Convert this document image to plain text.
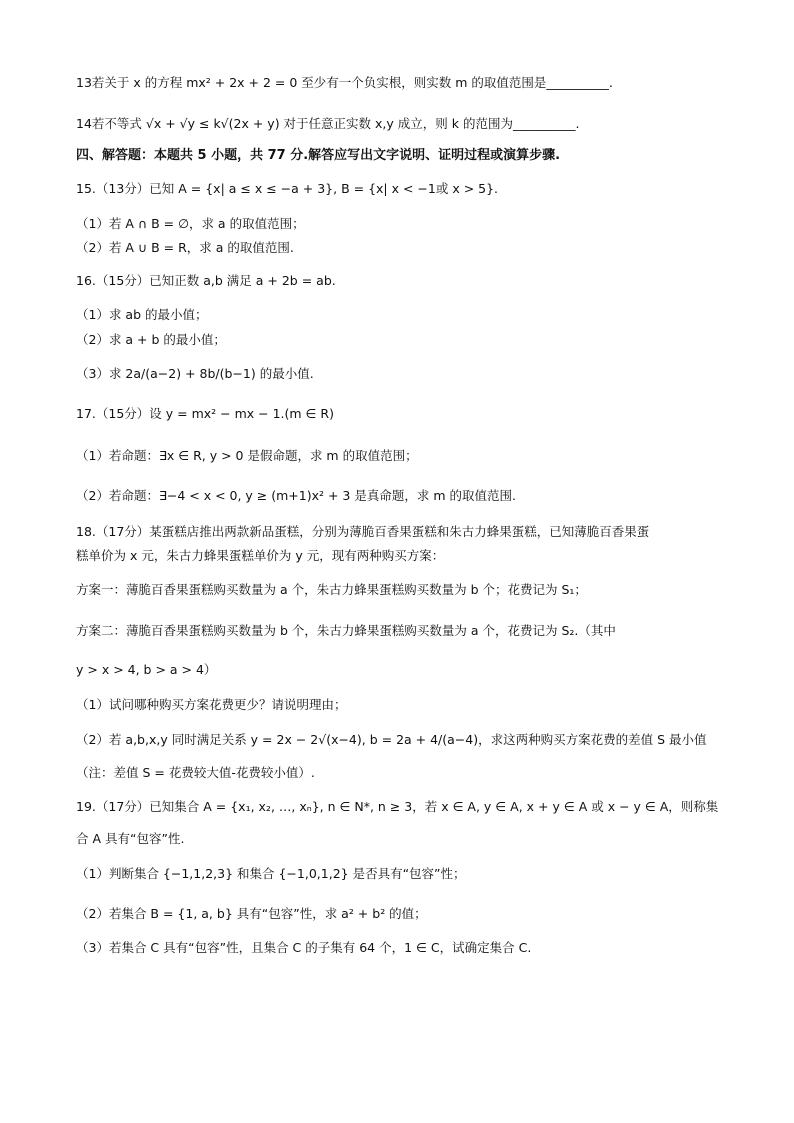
13若关于 x 的方程 mx² + 2x + 2 = 0 至少有一个负实根，则实数 m 的取值范围是__________.
14若不等式 √x + √y ≤ k√(2x + y) 对于任意正实数 x,y 成立，则 k 的范围为__________.
四、解答题：本题共 5 小题，共 77 分.解答应写出文字说明、证明过程或演算步骤.
15.（13分）已知 A = {x| a ≤ x ≤ −a + 3}, B = {x| x < −1或 x > 5}.
（1）若 A ∩ B = ∅，求 a 的取值范围；
（2）若 A ∪ B = R，求 a 的取值范围.
16.（15分）已知正数 a,b 满足 a + 2b = ab.
（1）求 ab 的最小值；
（2）求 a + b 的最小值；
（3）求 2a/(a−2) + 8b/(b−1) 的最小值.
17.（15分）设 y = mx² − mx − 1.(m ∈ R)
（1）若命题：∃x ∈ R, y > 0 是假命题，求 m 的取值范围；
（2）若命题：∃−4 < x < 0, y ≥ (m+1)x² + 3 是真命题，求 m 的取值范围.
18.（17分）某蛋糕店推出两款新品蛋糕，分别为薄脆百香果蛋糕和朱古力蜂果蛋糕，已知薄脆百香果蛋
糕单价为 x 元，朱古力蜂果蛋糕单价为 y 元，现有两种购买方案：
方案一：薄脆百香果蛋糕购买数量为 a 个，朱古力蜂果蛋糕购买数量为 b 个；花费记为 S₁；
方案二：薄脆百香果蛋糕购买数量为 b 个，朱古力蜂果蛋糕购买数量为 a 个，花费记为 S₂.（其中
y > x > 4, b > a > 4）
（1）试问哪种购买方案花费更少？请说明理由；
（2）若 a,b,x,y 同时满足关系 y = 2x − 2√(x−4), b = 2a + 4/(a−4)，求这两种购买方案花费的差值 S 最小值
（注：差值 S = 花费较大值-花费较小值）.
19.（17分）已知集合 A = {x₁, x₂, …, xₙ}, n ∈ N*, n ≥ 3，若 x ∈ A, y ∈ A, x + y ∈ A 或 x − y ∈ A，则称集
合 A 具有“包容”性.
（1）判断集合 {−1,1,2,3} 和集合 {−1,0,1,2} 是否具有“包容”性；
（2）若集合 B = {1, a, b} 具有“包容”性，求 a² + b² 的值；
（3）若集合 C 具有“包容”性，且集合 C 的子集有 64 个，1 ∈ C，试确定集合 C.
